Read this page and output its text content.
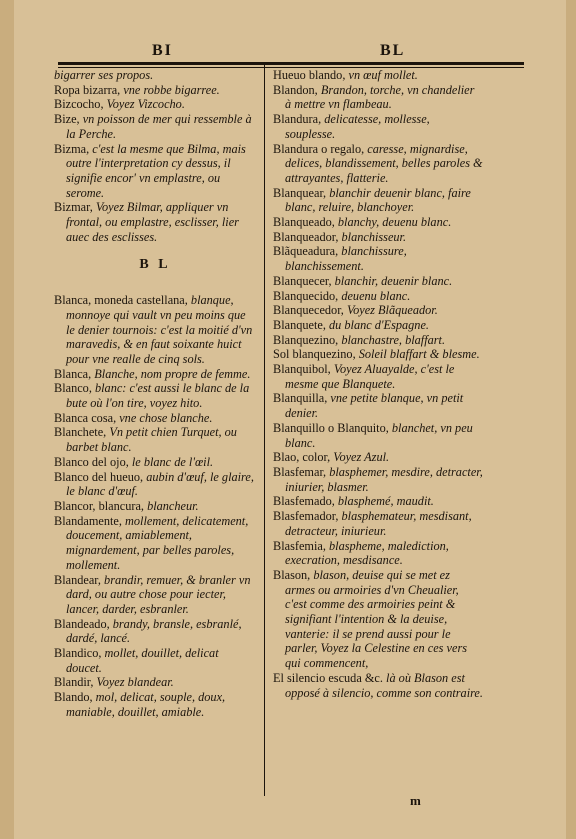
BI	BL

bigarrer ses propos.

Ropa bizarra, vne robbe bigarree.

Bizcocho, Voyez Vizcocho.

Bize, vn poisson de mer qui ressemble à la Perche.

Bizma, c'est la mesme que Bilma, mais outre l'interpretation cy dessus, il signifie encor' vn emplastre, ou serome.

Bizmar, Voyez Bilmar, appliquer vn frontal, ou emplastre, esclisser, lier auec des esclisses.

B L

Blanca, moneda castellana, blanque, monnoye qui vault vn peu moins que le denier tournois: c'est la moitié d'vn maravedis, & en faut soixante huict pour vne realle de cinq sols.

Blanca, Blanche, nom propre de femme.

Blanco, blanc: c'est aussi le blanc de la bute où l'on tire, voyez hito.

Blanca cosa, vne chose blanche.

Blanchete, Vn petit chien Turquet, ou barbet blanc.

Blanco del ojo, le blanc de l'œil.

Blanco del hueuo, aubin d'œuf, le glaire, le blanc d'œuf.

Blancor, blancura, blancheur.

Blandamente, mollement, delicatement, doucement, amiablement, mignardement, par belles paroles, mollement.

Blandear, brandir, remuer, & branler vn dard, ou autre chose pour iecter, lancer, darder, esbranler.

Blandeado, brandy, bransle, esbranlé, dardé, lancé.

Blandico, mollet, douillet, delicat doucet.

Blandir, Voyez blandear.

Blando, mol, delicat, souple, doux, maniable, douillet, amiable.

Hueuo blando, vn œuf mollet.

Blandon, Brandon, torche, vn chandelier à mettre vn flambeau.

Blandura, delicatesse, mollesse, souplesse.

Blandura o regalo, caresse, mignardise, delices, blandissement, belles paroles & attrayantes, flatterie.

Blanquear, blanchir deuenir blanc, faire blanc, reluire, blanchoyer.

Blanqueado, blanchy, deuenu blanc.

Blanqueador, blanchisseur.

Blãqueadura, blanchissure, blanchissement.

Blanquecer, blanchir, deuenir blanc.

Blanquecido, deuenu blanc.

Blanquecedor, Voyez Blãqueador.

Blanquete, du blanc d'Espagne.

Blanquezino, blanchastre, blaffart.

Sol blanquezino, Soleil blaffart & blesme.

Blanquibol, Voyez Aluayalde, c'est le mesme que Blanquete.

Blanquilla, vne petite blanque, vn petit denier.

Blanquillo o Blanquito, blanchet, vn peu blanc.

Blao, color, Voyez Azul.

Blasfemar, blasphemer, mesdire, detracter, iniurier, blasmer.

Blasfemado, blasphemé, maudit.

Blasfemador, blasphemateur, mesdisant, detracteur, iniurieur.

Blasfemia, blaspheme, malediction, execration, mesdisance.

Blason, blason, deuise qui se met ez armes ou armoiries d'vn Cheualier, c'est comme des armoiries peint & signifiant l'intention & la deuise, vanterie: il se prend aussi pour le parler, Voyez la Celestine en ces vers qui commencent,

El silencio escuda &c. là où Blason est opposé à silencio, comme son contraire.

m
